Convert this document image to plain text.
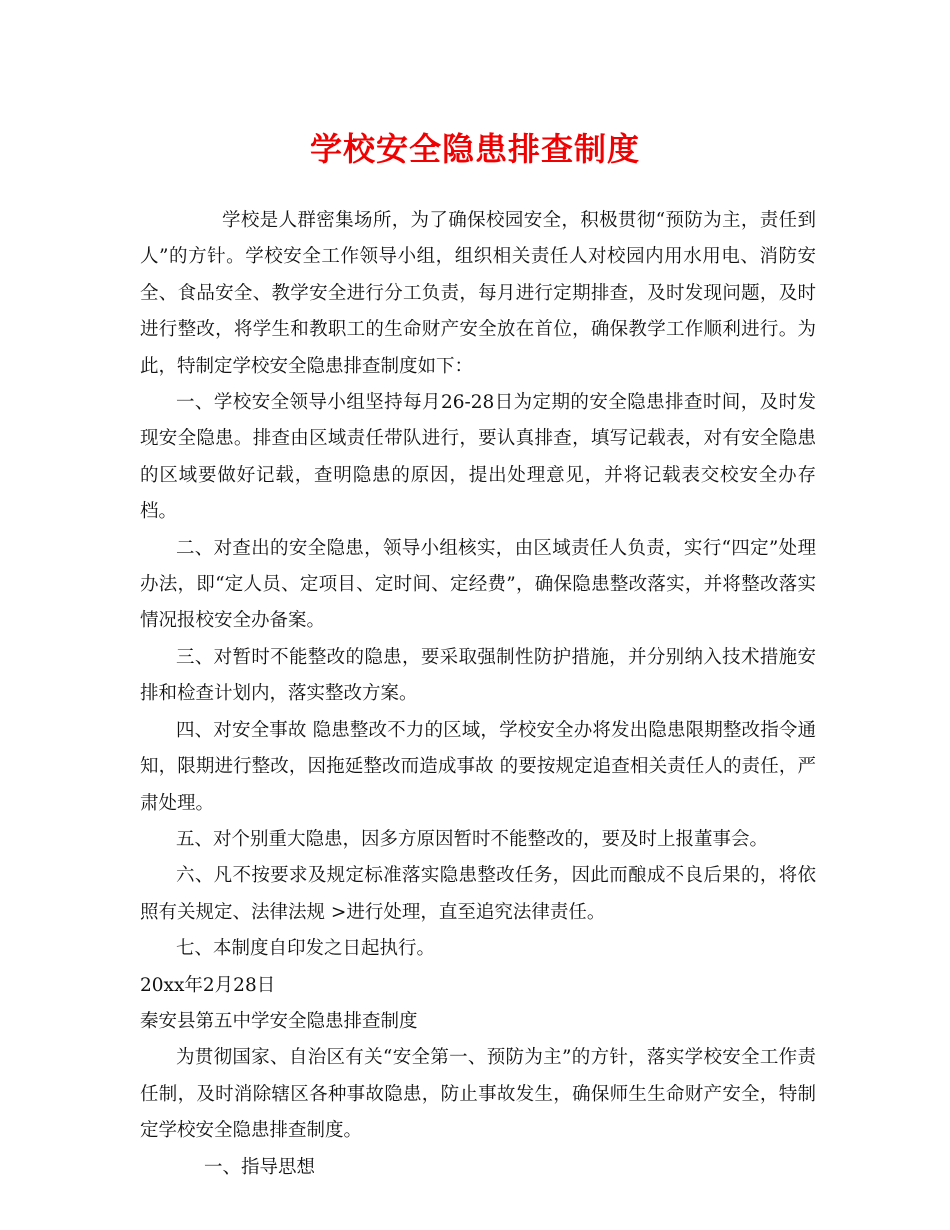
学校安全隐患排查制度

学校是人群密集场所，为了确保校园安全，积极贯彻“预防为主，责任到人”的方针。学校安全工作领导小组，组织相关责任人对校园内用水用电、消防安全、食品安全、教学安全进行分工负责，每月进行定期排查，及时发现问题，及时进行整改，将学生和教职工的生命财产安全放在首位，确保教学工作顺利进行。为此，特制定学校安全隐患排查制度如下：

一、学校安全领导小组坚持每月26-28日为定期的安全隐患排查时间，及时发现安全隐患。排查由区域责任带队进行，要认真排查，填写记载表，对有安全隐患的区域要做好记载，查明隐患的原因，提出处理意见，并将记载表交校安全办存档。

二、对查出的安全隐患，领导小组核实，由区域责任人负责，实行“四定”处理办法，即“定人员、定项目、定时间、定经费”，确保隐患整改落实，并将整改落实情况报校安全办备案。

三、对暂时不能整改的隐患，要采取强制性防护措施，并分别纳入技术措施安排和检查计划内，落实整改方案。

四、对安全事故 隐患整改不力的区域，学校安全办将发出隐患限期整改指令通知，限期进行整改，因拖延整改而造成事故 的要按规定追查相关责任人的责任，严肃处理。

五、对个别重大隐患，因多方原因暂时不能整改的，要及时上报董事会。

六、凡不按要求及规定标准落实隐患整改任务，因此而酿成不良后果的，将依照有关规定、法律法规 >进行处理，直至追究法律责任。

七、本制度自印发之日起执行。

20xx年2月28日

秦安县第五中学安全隐患排查制度

为贯彻国家、自治区有关“安全第一、预防为主”的方针，落实学校安全工作责任制，及时消除辖区各种事故隐患，防止事故发生，确保师生生命财产安全，特制定学校安全隐患排查制度。

一、指导思想
